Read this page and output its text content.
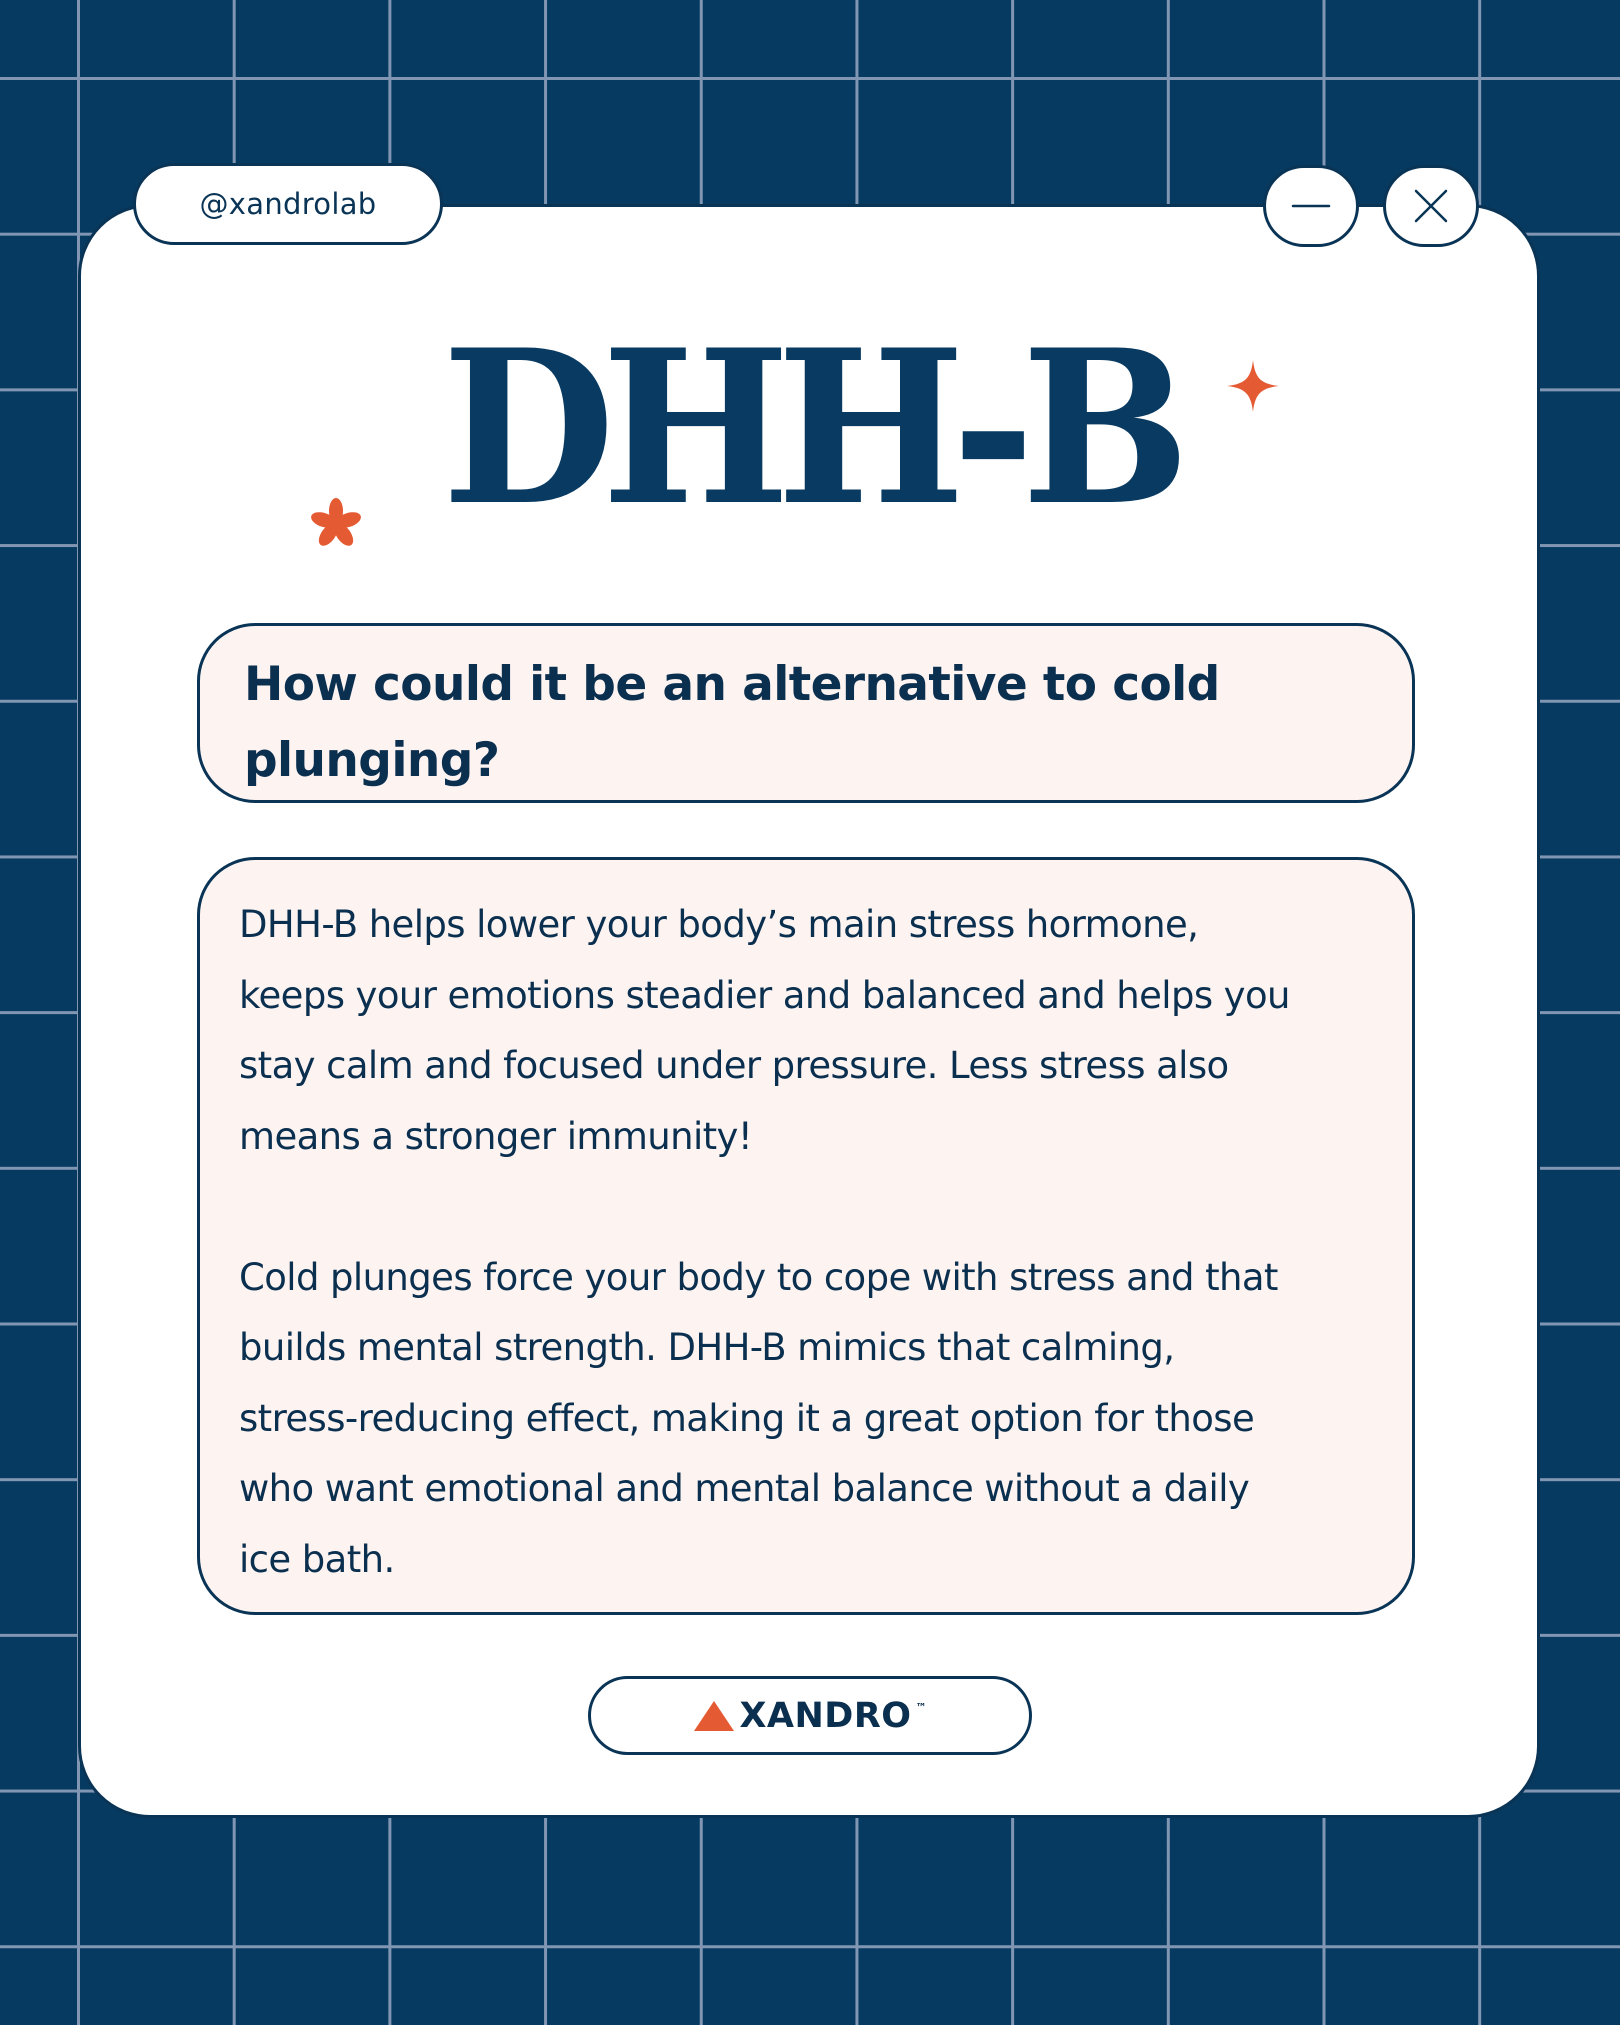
@xandrolab
DHH-B

How could it be an alternative to cold
plunging?

DHH-B helps lower your body’s main stress hormone,
keeps your emotions steadier and balanced and helps you
stay calm and focused under pressure. Less stress also
means a stronger immunity!

Cold plunges force your body to cope with stress and that
builds mental strength. DHH-B mimics that calming,
stress-reducing effect, making it a great option for those
who want emotional and mental balance without a daily
ice bath.

XANDRO ™
